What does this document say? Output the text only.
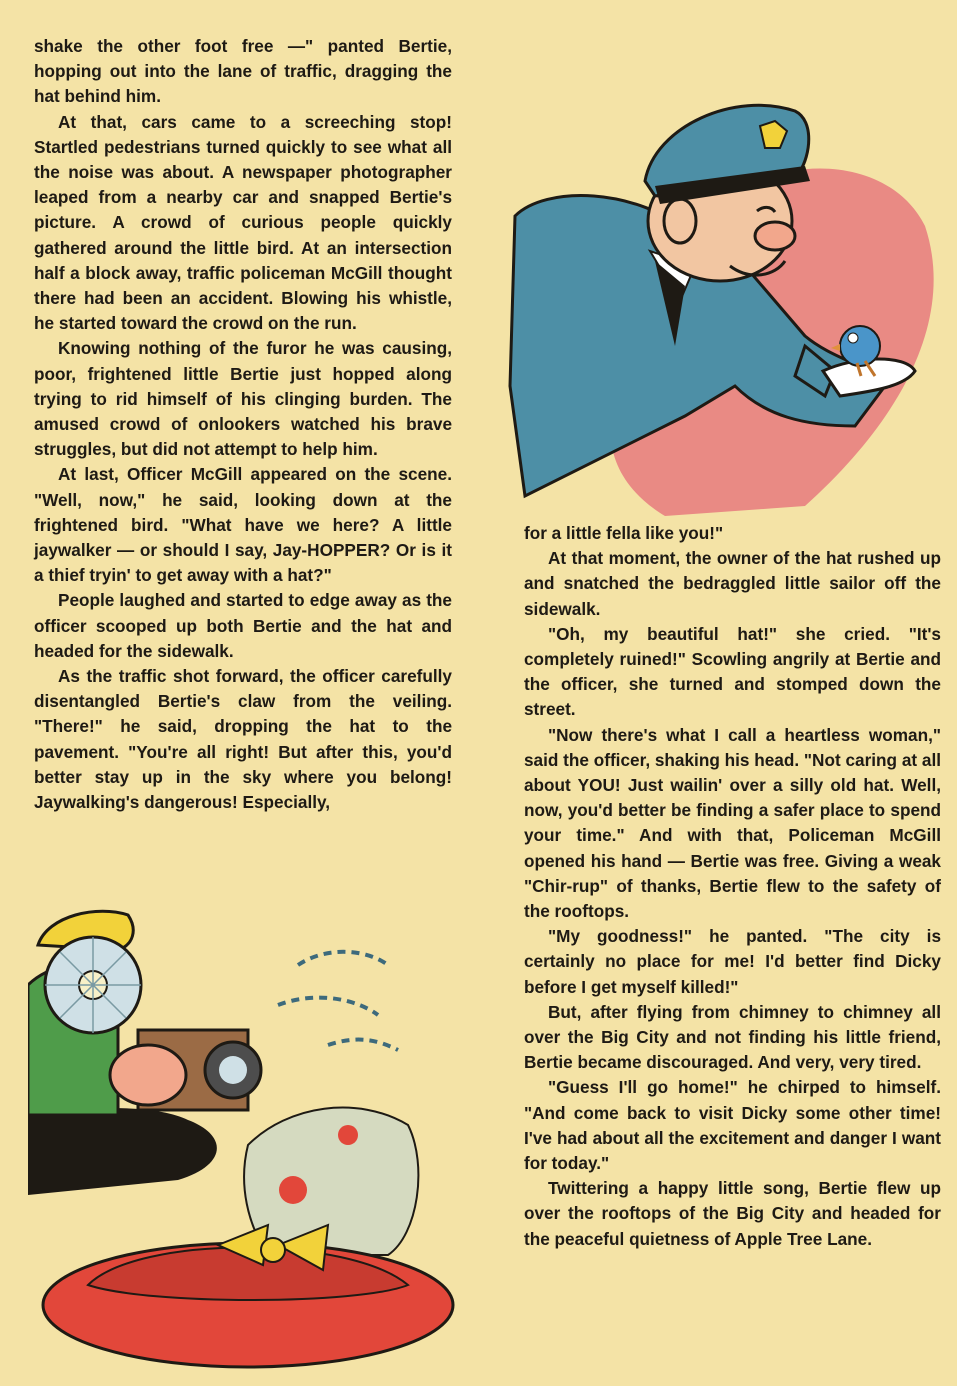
shake the other foot free —" panted Bertie, hopping out into the lane of traffic, dragging the hat behind him.

At that, cars came to a screeching stop! Startled pedestrians turned quickly to see what all the noise was about. A newspaper photographer leaped from a nearby car and snapped Bertie's picture. A crowd of curious people quickly gathered around the little bird. At an intersection half a block away, traffic policeman McGill thought there had been an accident. Blowing his whistle, he started toward the crowd on the run.

Knowing nothing of the furor he was causing, poor, frightened little Bertie just hopped along trying to rid himself of his clinging burden. The amused crowd of onlookers watched his brave struggles, but did not attempt to help him.

At last, Officer McGill appeared on the scene. "Well, now," he said, looking down at the frightened bird. "What have we here? A little jaywalker — or should I say, Jay-HOPPER? Or is it a thief tryin' to get away with a hat?"

People laughed and started to edge away as the officer scooped up both Bertie and the hat and headed for the sidewalk.

As the traffic shot forward, the officer carefully disentangled Bertie's claw from the veiling. "There!" he said, dropping the hat to the pavement. "You're all right! But after this, you'd better stay up in the sky where you belong! Jaywalking's dangerous! Especially,

for a little fella like you!"

At that moment, the owner of the hat rushed up and snatched the bedraggled little sailor off the sidewalk.

"Oh, my beautiful hat!" she cried. "It's completely ruined!" Scowling angrily at Bertie and the officer, she turned and stomped down the street.

"Now there's what I call a heartless woman," said the officer, shaking his head. "Not caring at all about YOU! Just wailin' over a silly old hat. Well, now, you'd better be finding a safer place to spend your time." And with that, Policeman McGill opened his hand — Bertie was free. Giving a weak "Chir-rup" of thanks, Bertie flew to the safety of the rooftops.

"My goodness!" he panted. "The city is certainly no place for me! I'd better find Dicky before I get myself killed!"

But, after flying from chimney to chimney all over the Big City and not finding his little friend, Bertie became discouraged. And very, very tired.

"Guess I'll go home!" he chirped to himself. "And come back to visit Dicky some other time! I've had about all the excitement and danger I want for today."

Twittering a happy little song, Bertie flew up over the rooftops of the Big City and headed for the peaceful quietness of Apple Tree Lane.
